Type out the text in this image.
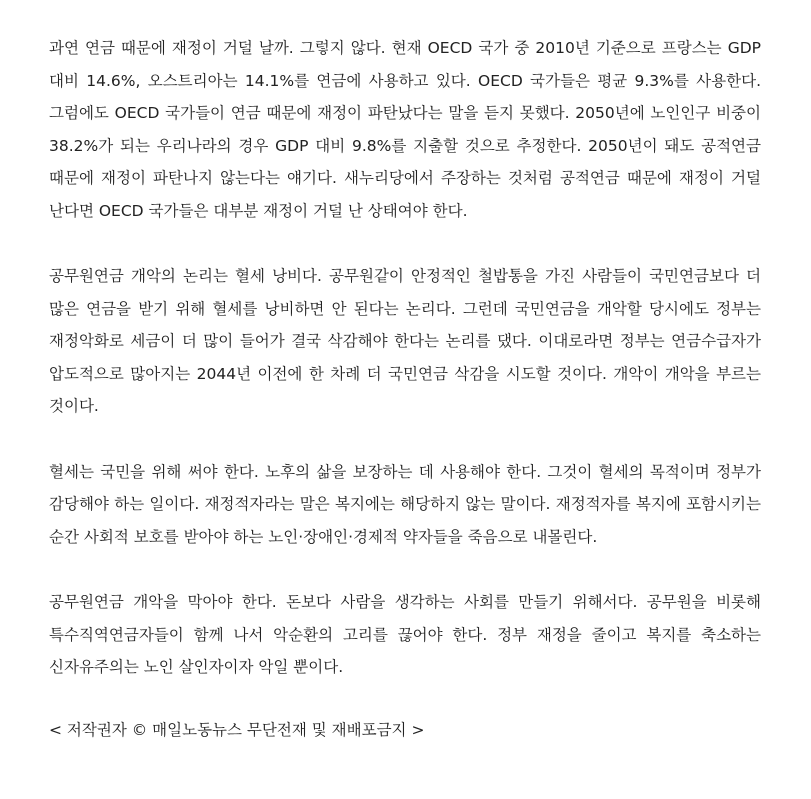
과연 연금 때문에 재정이 거덜 날까. 그렇지 않다. 현재 OECD 국가 중 2010년 기준으로 프랑스는 GDP 대비 14.6%, 오스트리아는 14.1%를 연금에 사용하고 있다. OECD 국가들은 평균 9.3%를 사용한다. 그럼에도 OECD 국가들이 연금 때문에 재정이 파탄났다는 말을 듣지 못했다. 2050년에 노인인구 비중이 38.2%가 되는 우리나라의 경우 GDP 대비 9.8%를 지출할 것으로 추정한다. 2050년이 돼도 공적연금 때문에 재정이 파탄나지 않는다는 얘기다. 새누리당에서 주장하는 것처럼 공적연금 때문에 재정이 거덜 난다면 OECD 국가들은 대부분 재정이 거덜 난 상태여야 한다.

공무원연금 개악의 논리는 혈세 낭비다. 공무원같이 안정적인 철밥통을 가진 사람들이 국민연금보다 더 많은 연금을 받기 위해 혈세를 낭비하면 안 된다는 논리다. 그런데 국민연금을 개악할 당시에도 정부는 재정악화로 세금이 더 많이 들어가 결국 삭감해야 한다는 논리를 댔다. 이대로라면 정부는 연금수급자가 압도적으로 많아지는 2044년 이전에 한 차례 더 국민연금 삭감을 시도할 것이다. 개악이 개악을 부르는 것이다.

혈세는 국민을 위해 써야 한다. 노후의 삶을 보장하는 데 사용해야 한다. 그것이 혈세의 목적이며 정부가 감당해야 하는 일이다. 재정적자라는 말은 복지에는 해당하지 않는 말이다. 재정적자를 복지에 포함시키는 순간 사회적 보호를 받아야 하는 노인·장애인·경제적 약자들을 죽음으로 내몰린다.

공무원연금 개악을 막아야 한다. 돈보다 사람을 생각하는 사회를 만들기 위해서다. 공무원을 비롯해 특수직역연금자들이 함께 나서 악순환의 고리를 끊어야 한다. 정부 재정을 줄이고 복지를 축소하는 신자유주의는 노인 살인자이자 악일 뿐이다.

< 저작권자 © 매일노동뉴스 무단전재 및 재배포금지 >
